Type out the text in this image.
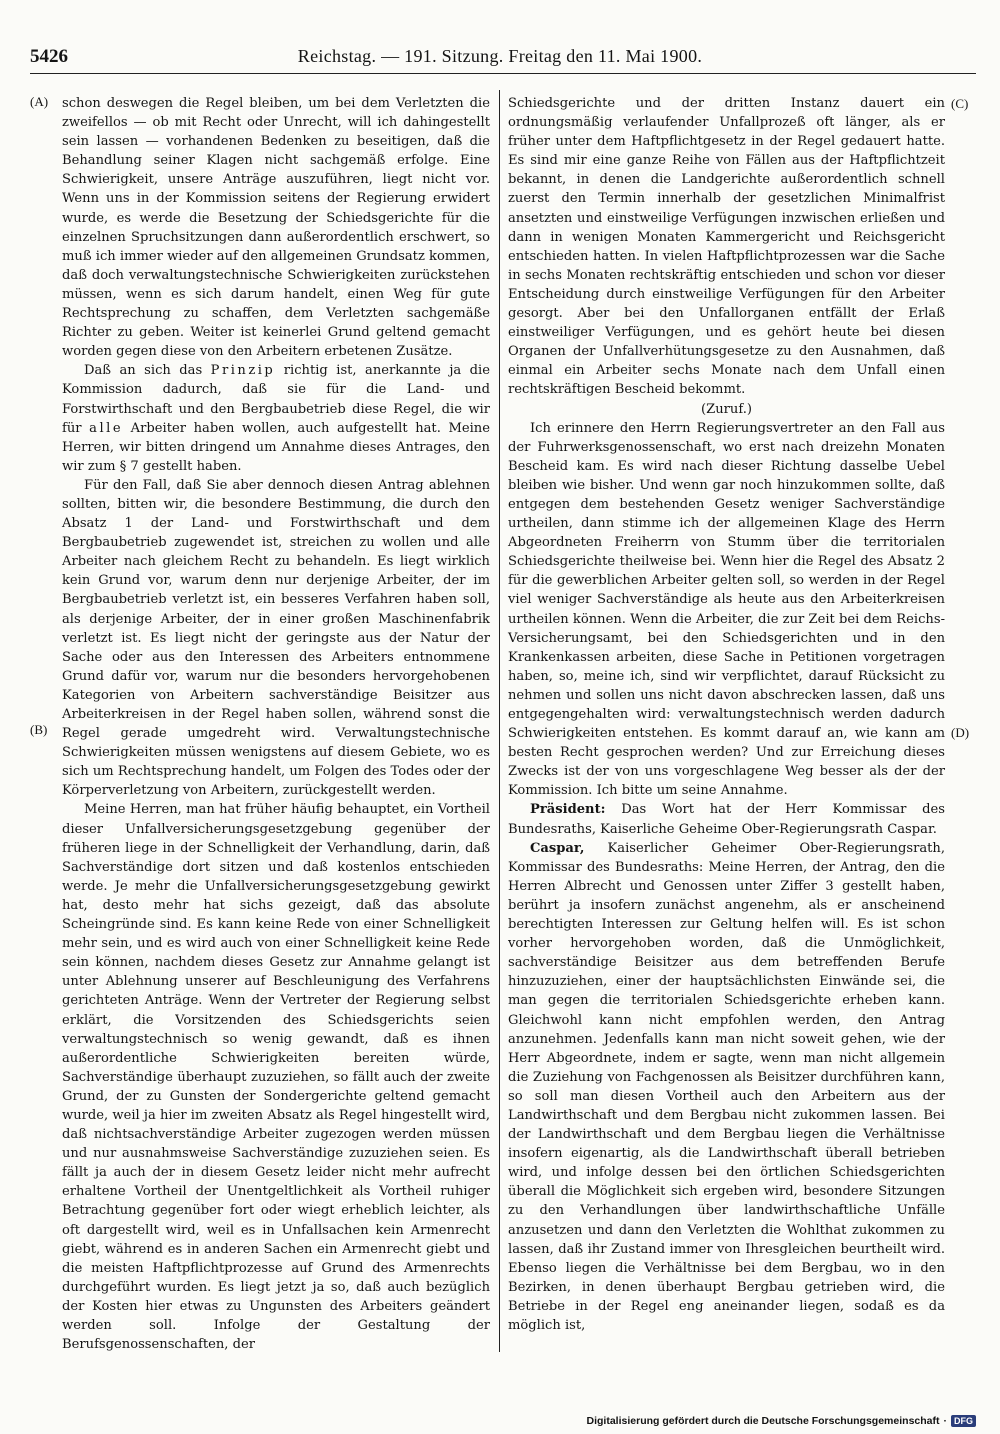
5426	Reichstag. — 191. Sitzung. Freitag den 11. Mai 1900.
(A)
(B)
(C)
(D)

schon deswegen die Regel bleiben, um bei dem Verletzten die zweifellos — ob mit Recht oder Unrecht, will ich dahingestellt sein lassen — vorhandenen Bedenken zu beseitigen, daß die Behandlung seiner Klagen nicht sachgemäß erfolge. Eine Schwierigkeit, unsere Anträge auszuführen, liegt nicht vor. Wenn uns in der Kommission seitens der Regierung erwidert wurde, es werde die Besetzung der Schiedsgerichte für die einzelnen Spruchsitzungen dann außerordentlich erschwert, so muß ich immer wieder auf den allgemeinen Grundsatz kommen, daß doch verwaltungstechnische Schwierigkeiten zurückstehen müssen, wenn es sich darum handelt, einen Weg für gute Rechtsprechung zu schaffen, dem Verletzten sachgemäße Richter zu geben. Weiter ist keinerlei Grund geltend gemacht worden gegen diese von den Arbeitern erbetenen Zusätze.

Daß an sich das Prinzip richtig ist, anerkannte ja die Kommission dadurch, daß sie für die Land- und Forstwirthschaft und den Bergbaubetrieb diese Regel, die wir für alle Arbeiter haben wollen, auch aufgestellt hat. Meine Herren, wir bitten dringend um Annahme dieses Antrages, den wir zum § 7 gestellt haben.

Für den Fall, daß Sie aber dennoch diesen Antrag ablehnen sollten, bitten wir, die besondere Bestimmung, die durch den Absatz 1 der Land- und Forstwirthschaft und dem Bergbaubetrieb zugewendet ist, streichen zu wollen und alle Arbeiter nach gleichem Recht zu behandeln. Es liegt wirklich kein Grund vor, warum denn nur derjenige Arbeiter, der im Bergbaubetrieb verletzt ist, ein besseres Verfahren haben soll, als derjenige Arbeiter, der in einer großen Maschinenfabrik verletzt ist. Es liegt nicht der geringste aus der Natur der Sache oder aus den Interessen des Arbeiters entnommene Grund dafür vor, warum nur die besonders hervorgehobenen Kategorien von Arbeitern sachverständige Beisitzer aus Arbeiterkreisen in der Regel haben sollen, während sonst die Regel gerade umgedreht wird. Verwaltungstechnische Schwierigkeiten müssen wenigstens auf diesem Gebiete, wo es sich um Rechtsprechung handelt, um Folgen des Todes oder der Körperverletzung von Arbeitern, zurückgestellt werden.

Meine Herren, man hat früher häufig behauptet, ein Vortheil dieser Unfallversicherungsgesetzgebung gegenüber der früheren liege in der Schnelligkeit der Verhandlung, darin, daß Sachverständige dort sitzen und daß kostenlos entschieden werde. Je mehr die Unfallversicherungsgesetzgebung gewirkt hat, desto mehr hat sichs gezeigt, daß das absolute Scheingründe sind. Es kann keine Rede von einer Schnelligkeit mehr sein, und es wird auch von einer Schnelligkeit keine Rede sein können, nachdem dieses Gesetz zur Annahme gelangt ist unter Ablehnung unserer auf Beschleunigung des Verfahrens gerichteten Anträge. Wenn der Vertreter der Regierung selbst erklärt, die Vorsitzenden des Schiedsgerichts seien verwaltungstechnisch so wenig gewandt, daß es ihnen außerordentliche Schwierigkeiten bereiten würde, Sachverständige überhaupt zuzuziehen, so fällt auch der zweite Grund, der zu Gunsten der Sondergerichte geltend gemacht wurde, weil ja hier im zweiten Absatz als Regel hingestellt wird, daß nichtsachverständige Arbeiter zugezogen werden müssen und nur ausnahmsweise Sachverständige zuzuziehen seien. Es fällt ja auch der in diesem Gesetz leider nicht mehr aufrecht erhaltene Vortheil der Unentgeltlichkeit als Vortheil ruhiger Betrachtung gegenüber fort oder wiegt erheblich leichter, als oft dargestellt wird, weil es in Unfallsachen kein Armenrecht giebt, während es in anderen Sachen ein Armenrecht giebt und die meisten Haftpflichtprozesse auf Grund des Armenrechts durchgeführt wurden. Es liegt jetzt ja so, daß auch bezüglich der Kosten hier etwas zu Ungunsten des Arbeiters geändert werden soll. Infolge der Gestaltung der Berufsgenossenschaften, der

Schiedsgerichte und der dritten Instanz dauert ein ordnungsmäßig verlaufender Unfallprozeß oft länger, als er früher unter dem Haftpflichtgesetz in der Regel gedauert hatte. Es sind mir eine ganze Reihe von Fällen aus der Haftpflichtzeit bekannt, in denen die Landgerichte außerordentlich schnell zuerst den Termin innerhalb der gesetzlichen Minimalfrist ansetzten und einstweilige Verfügungen inzwischen erließen und dann in wenigen Monaten Kammergericht und Reichsgericht entschieden hatten. In vielen Haftpflichtprozessen war die Sache in sechs Monaten rechtskräftig entschieden und schon vor dieser Entscheidung durch einstweilige Verfügungen für den Arbeiter gesorgt. Aber bei den Unfallorganen entfällt der Erlaß einstweiliger Verfügungen, und es gehört heute bei diesen Organen der Unfallverhütungsgesetze zu den Ausnahmen, daß einmal ein Arbeiter sechs Monate nach dem Unfall einen rechtskräftigen Bescheid bekommt.

(Zuruf.)

Ich erinnere den Herrn Regierungsvertreter an den Fall aus der Fuhrwerksgenossenschaft, wo erst nach dreizehn Monaten Bescheid kam. Es wird nach dieser Richtung dasselbe Uebel bleiben wie bisher. Und wenn gar noch hinzukommen sollte, daß entgegen dem bestehenden Gesetz weniger Sachverständige urtheilen, dann stimme ich der allgemeinen Klage des Herrn Abgeordneten Freiherrn von Stumm über die territorialen Schiedsgerichte theilweise bei. Wenn hier die Regel des Absatz 2 für die gewerblichen Arbeiter gelten soll, so werden in der Regel viel weniger Sachverständige als heute aus den Arbeiterkreisen urtheilen können. Wenn die Arbeiter, die zur Zeit bei dem Reichs-Versicherungsamt, bei den Schiedsgerichten und in den Krankenkassen arbeiten, diese Sache in Petitionen vorgetragen haben, so, meine ich, sind wir verpflichtet, darauf Rücksicht zu nehmen und sollen uns nicht davon abschrecken lassen, daß uns entgegengehalten wird: verwaltungstechnisch werden dadurch Schwierigkeiten entstehen. Es kommt darauf an, wie kann am besten Recht gesprochen werden? Und zur Erreichung dieses Zwecks ist der von uns vorgeschlagene Weg besser als der der Kommission. Ich bitte um seine Annahme.

Präsident: Das Wort hat der Herr Kommissar des Bundesraths, Kaiserliche Geheime Ober-Regierungsrath Caspar.

Caspar, Kaiserlicher Geheimer Ober-Regierungsrath, Kommissar des Bundesraths: Meine Herren, der Antrag, den die Herren Albrecht und Genossen unter Ziffer 3 gestellt haben, berührt ja insofern zunächst angenehm, als er anscheinend berechtigten Interessen zur Geltung helfen will. Es ist schon vorher hervorgehoben worden, daß die Unmöglichkeit, sachverständige Beisitzer aus dem betreffenden Berufe hinzuzuziehen, einer der hauptsächlichsten Einwände sei, die man gegen die territorialen Schiedsgerichte erheben kann. Gleichwohl kann nicht empfohlen werden, den Antrag anzunehmen. Jedenfalls kann man nicht soweit gehen, wie der Herr Abgeordnete, indem er sagte, wenn man nicht allgemein die Zuziehung von Fachgenossen als Beisitzer durchführen kann, so soll man diesen Vortheil auch den Arbeitern aus der Landwirthschaft und dem Bergbau nicht zukommen lassen. Bei der Landwirthschaft und dem Bergbau liegen die Verhältnisse insofern eigenartig, als die Landwirthschaft überall betrieben wird, und infolge dessen bei den örtlichen Schiedsgerichten überall die Möglichkeit sich ergeben wird, besondere Sitzungen zu den Verhandlungen über landwirthschaftliche Unfälle anzusetzen und dann den Verletzten die Wohlthat zukommen zu lassen, daß ihr Zustand immer von Ihresgleichen beurtheilt wird. Ebenso liegen die Verhältnisse bei dem Bergbau, wo in den Bezirken, in denen überhaupt Bergbau getrieben wird, die Betriebe in der Regel eng aneinander liegen, sodaß es da möglich ist,

Digitalisierung gefördert durch die Deutsche Forschungsgemeinschaft · DFG
